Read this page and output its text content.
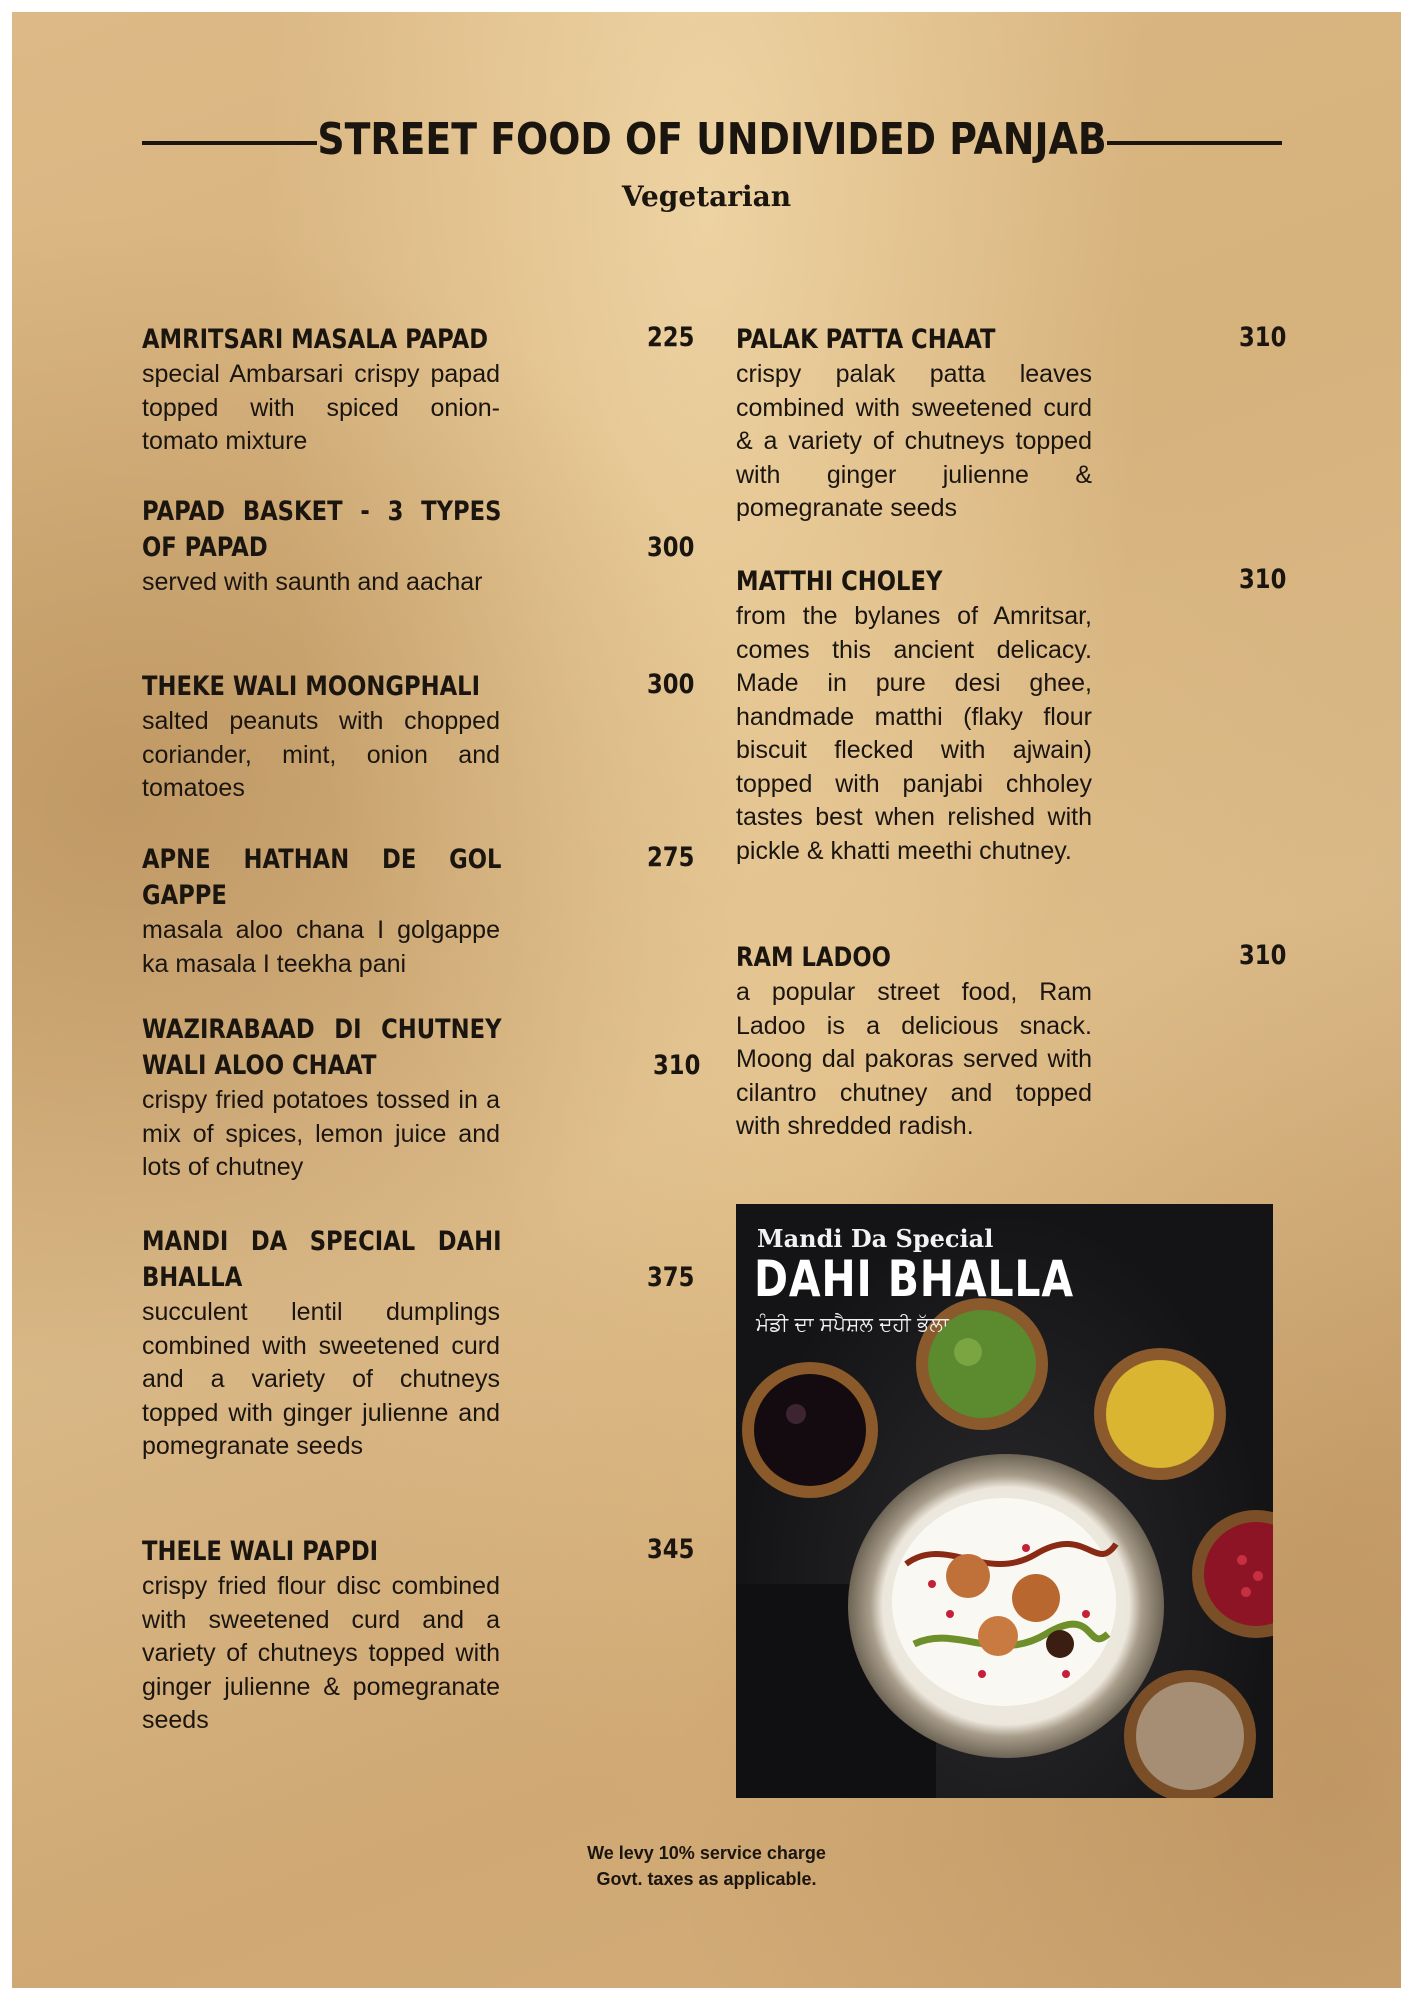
STREET FOOD OF UNDIVIDED PANJAB
Vegetarian
AMRITSARI MASALA PAPAD	225
special Ambarsari crispy papad topped with spiced onion-tomato mixture
PAPAD BASKET - 3 TYPES OF PAPAD	300
served with saunth and aachar
THEKE WALI MOONGPHALI	300
salted peanuts with chopped coriander, mint, onion and tomatoes
APNE HATHAN DE GOL GAPPE
275
masala aloo chana I golgappe ka masala I teekha pani
WAZIRABAAD DI CHUTNEY WALI ALOO CHAAT	310
crispy fried potatoes tossed in a mix of spices, lemon juice and lots of chutney
MANDI DA SPECIAL DAHI BHALLA	375
succulent lentil dumplings combined with sweetened curd and a variety of chutneys topped with ginger julienne and pomegranate seeds
THELE WALI PAPDI	345
crispy fried flour disc combined with sweetened curd and a variety of chutneys topped with ginger julienne & pomegranate seeds
PALAK PATTA CHAAT	310
crispy palak patta leaves combined with sweetened curd & a variety of chutneys topped with ginger julienne & pomegranate seeds
MATTHI CHOLEY	310
from the bylanes of Amritsar, comes this ancient delicacy. Made in pure desi ghee, handmade matthi (flaky flour biscuit flecked with ajwain) topped with panjabi chholey tastes best when relished with pickle & khatti meethi chutney.
RAM LADOO	310
a popular street food, Ram Ladoo is a delicious snack. Moong dal pakoras served with cilantro chutney and topped with shredded radish.
Mandi Da Special
DAHI BHALLA
ਮੰਡੀ ਦਾ ਸਪੈਸ਼ਲ ਦਹੀ ਭੱਲਾ
We levy 10% service charge
Govt. taxes as applicable.
